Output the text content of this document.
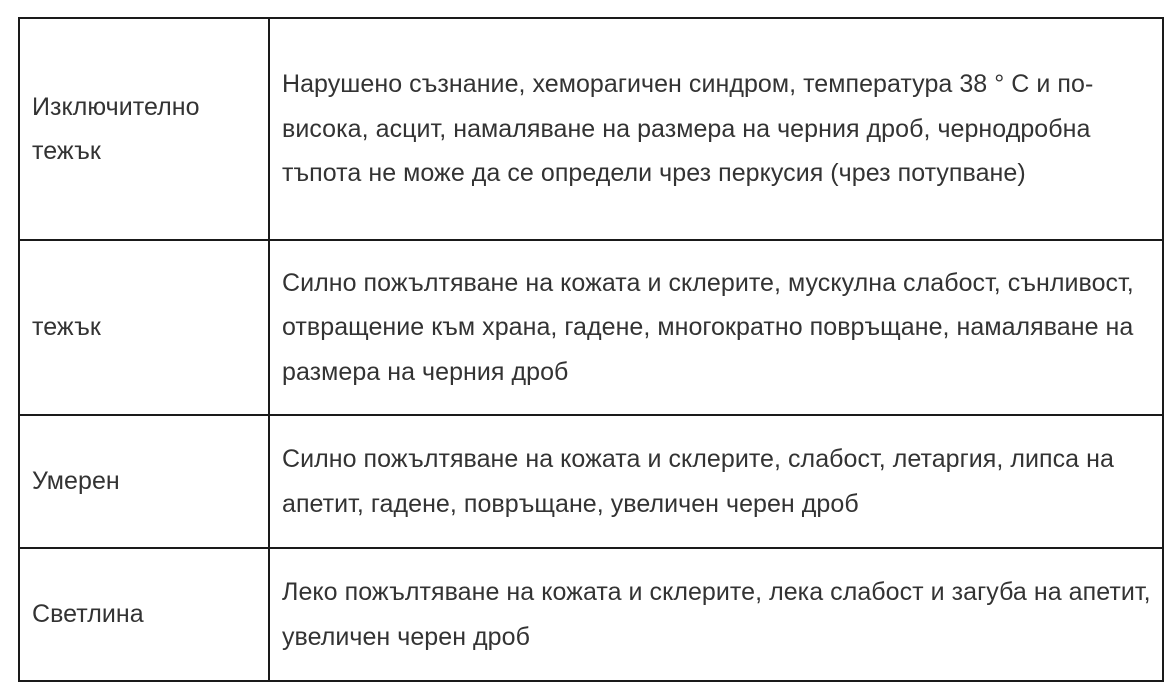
Изключително тежък	Нарушено съзнание, хеморагичен синдром, температура 38 ° C и по-висока, асцит, намаляване на размера на черния дроб, чернодробна тъпота не може да се определи чрез перкусия (чрез потупване)
тежък	Силно пожълтяване на кожата и склерите, мускулна слабост, сънливост, отвращение към храна, гадене, многократно повръщане, намаляване на размера на черния дроб
Умерен	Силно пожълтяване на кожата и склерите, слабост, летаргия, липса на апетит, гадене, повръщане, увеличен черен дроб
Светлина	Леко пожълтяване на кожата и склерите, лека слабост и загуба на апетит, увеличен черен дроб
